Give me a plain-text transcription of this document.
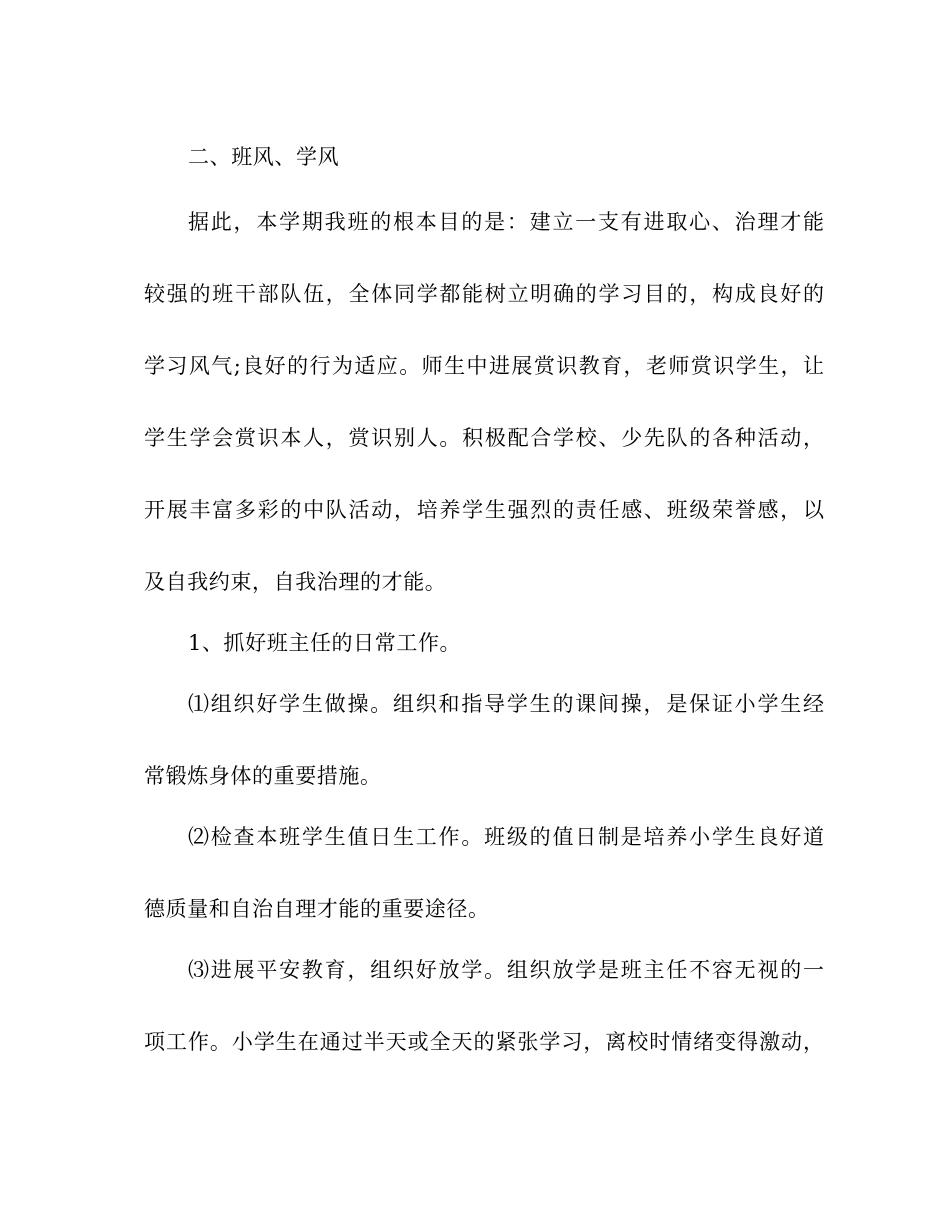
二、班风、学风
据此，本学期我班的根本目的是：建立一支有进取心、治理才能
较强的班干部队伍，全体同学都能树立明确的学习目的，构成良好的
学习风气;良好的行为适应。师生中进展赏识教育，老师赏识学生，让
学生学会赏识本人，赏识别人。积极配合学校、少先队的各种活动，
开展丰富多彩的中队活动，培养学生强烈的责任感、班级荣誉感，以
及自我约束，自我治理的才能。
1、抓好班主任的日常工作。
⑴组织好学生做操。组织和指导学生的课间操，是保证小学生经
常锻炼身体的重要措施。
⑵检查本班学生值日生工作。班级的值日制是培养小学生良好道
德质量和自治自理才能的重要途径。
⑶进展平安教育，组织好放学。组织放学是班主任不容无视的一
项工作。小学生在通过半天或全天的紧张学习，离校时情绪变得激动，
